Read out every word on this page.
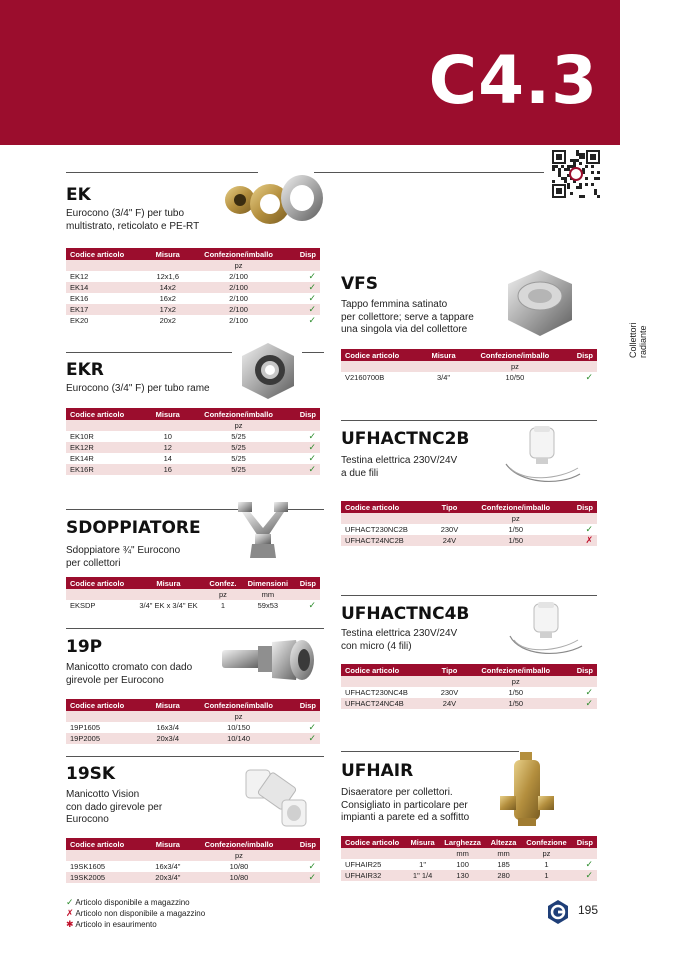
C4.3
Collettori radiante
EK
Eurocono (3/4" F) per tubo
multistrato, reticolato e PE-RT
Codice articolo	Misura	Confezione/imballo	Disp
		pz	
EK12	12x1,6	2/100	✓
EK14	14x2	2/100	✓
EK16	16x2	2/100	✓
EK17	17x2	2/100	✓
EK20	20x2	2/100	✓
EKR
Eurocono (3/4" F) per tubo rame
Codice articolo	Misura	Confezione/imballo	Disp
		pz	
EK10R	10	5/25	✓
EK12R	12	5/25	✓
EK14R	14	5/25	✓
EK16R	16	5/25	✓
SDOPPIATORE
Sdoppiatore ¾" Eurocono
per collettori
Codice articolo	Misura	Confez.	Dimensioni	Disp
		pz	mm	
EKSDP	3/4" EK x 3/4" EK	1	59x53	✓
19P
Manicotto cromato con dado
girevole per Eurocono
Codice articolo	Misura	Confezione/imballo	Disp
		pz	
19P1605	16x3/4	10/150	✓
19P2005	20x3/4	10/140	✓
19SK
Manicotto Vision
con dado girevole per
Eurocono
Codice articolo	Misura	Confezione/imballo	Disp
		pz	
19SK1605	16x3/4"	10/80	✓
19SK2005	20x3/4"	10/80	✓
VFS
Tappo femmina satinato
per collettore; serve a tappare
una singola via del collettore
Codice articolo	Misura	Confezione/imballo	Disp
		pz	
V2160700B	3/4"	10/50	✓
UFHACTNC2B
Testina elettrica 230V/24V
a due fili
Codice articolo	Tipo	Confezione/imballo	Disp
		pz	
UFHACT230NC2B	230V	1/50	✓
UFHACT24NC2B	24V	1/50	✗
UFHACTNC4B
Testina elettrica 230V/24V
con micro (4 fili)
Codice articolo	Tipo	Confezione/imballo	Disp
		pz	
UFHACT230NC4B	230V	1/50	✓
UFHACT24NC4B	24V	1/50	✓
UFHAIR
Disaeratore per collettori.
Consigliato in particolare per
impianti a parete ed a soffitto
Codice articolo	Misura	Larghezza	Altezza	Confezione	Disp
		mm	mm	pz	
UFHAIR25	1"	100	185	1	✓
UFHAIR32	1" 1/4	130	280	1	✓
✓ Articolo disponibile a magazzino
✗ Articolo non disponibile a magazzino
✱ Articolo in esaurimento
195
